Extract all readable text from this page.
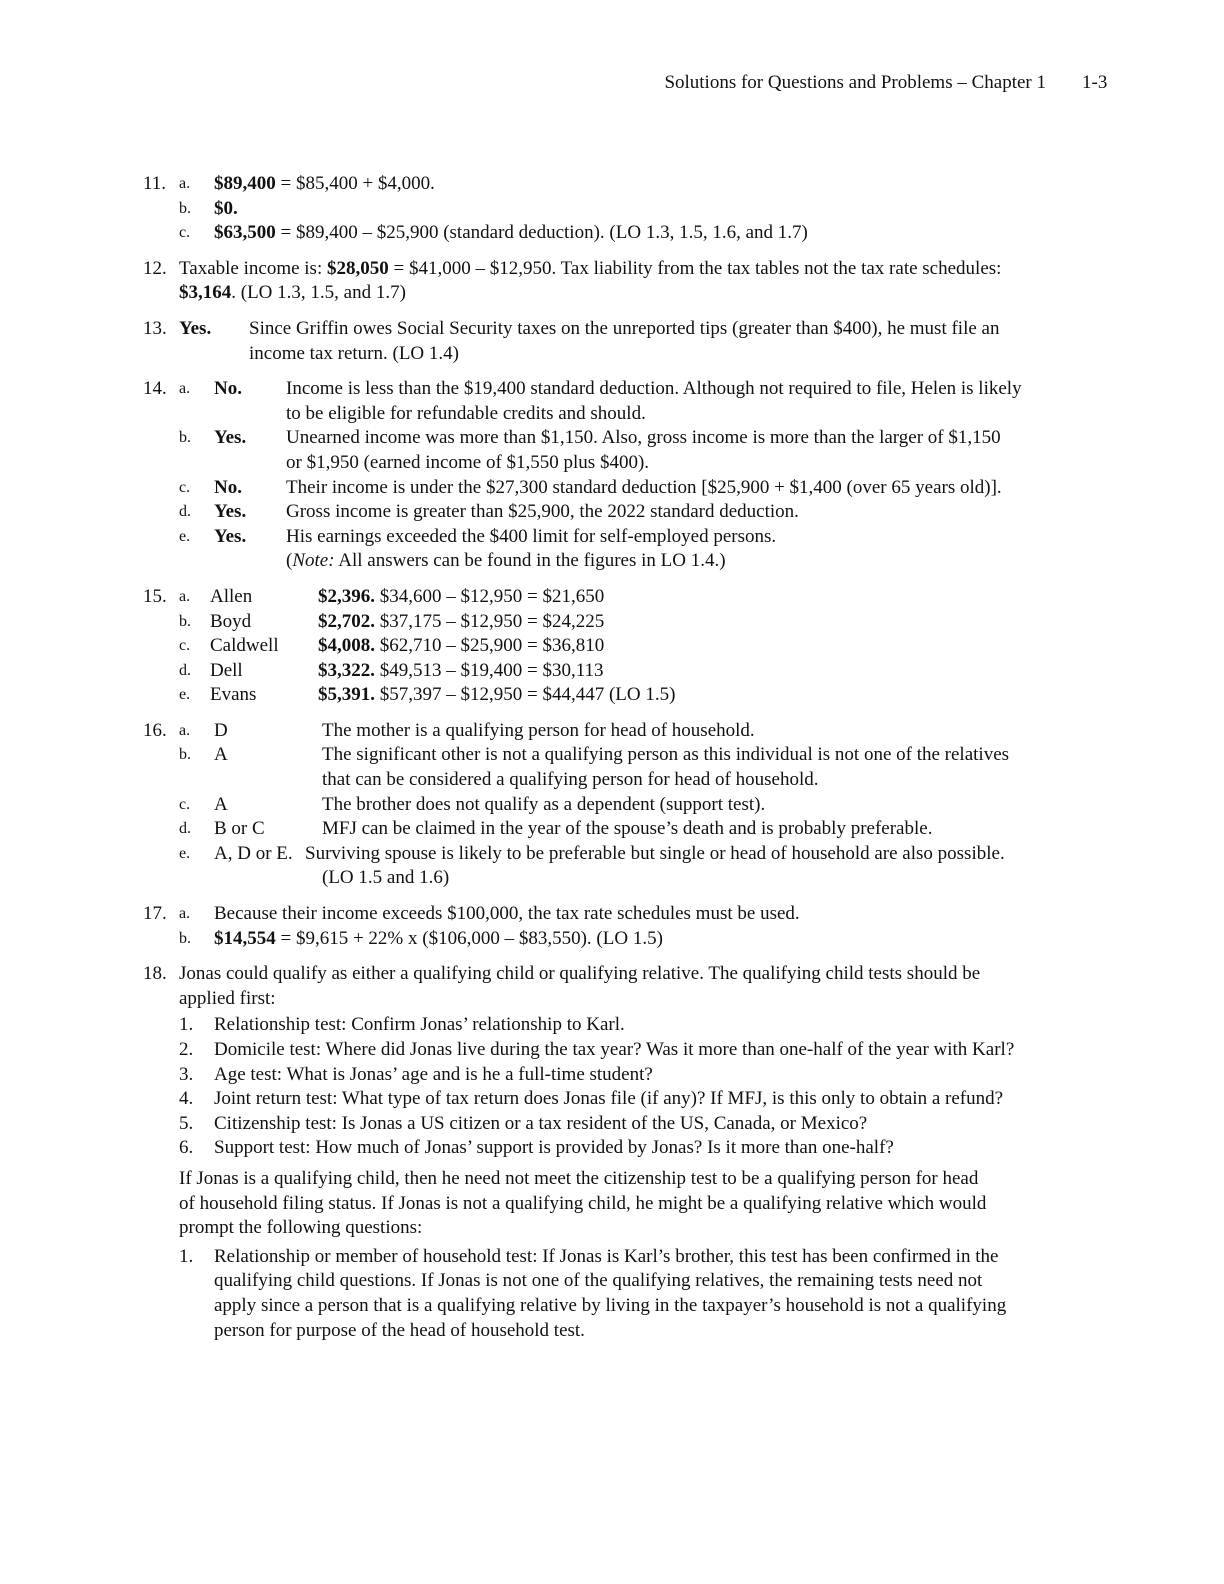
Solutions for Questions and Problems – Chapter 1 1-3
11. a. $89,400 = $85,400 + $4,000.
b. $0.
c. $63,500 = $89,400 – $25,900 (standard deduction). (LO 1.3, 1.5, 1.6, and 1.7)
12. Taxable income is: $28,050 = $41,000 – $12,950. Tax liability from the tax tables not the tax rate schedules:
$3,164. (LO 1.3, 1.5, and 1.7)
13. Yes. Since Griffin owes Social Security taxes on the unreported tips (greater than $400), he must file an
income tax return. (LO 1.4)
14. a. No. Income is less than the $19,400 standard deduction. Although not required to file, Helen is likely
to be eligible for refundable credits and should.
b. Yes. Unearned income was more than $1,150. Also, gross income is more than the larger of $1,150
or $1,950 (earned income of $1,550 plus $400).
c. No. Their income is under the $27,300 standard deduction [$25,900 + $1,400 (over 65 years old)].
d. Yes. Gross income is greater than $25,900, the 2022 standard deduction.
e. Yes. His earnings exceeded the $400 limit for self-employed persons.
(Note: All answers can be found in the figures in LO 1.4.)
15. a. Allen	$2,396. $34,600 – $12,950 = $21,650
b. Boyd	$2,702. $37,175 – $12,950 = $24,225
c. Caldwell $4,008. $62,710 – $25,900 = $36,810
d. Dell	$3,322. $49,513 – $19,400 = $30,113
e. Evans	$5,391. $57,397 – $12,950 = $44,447 (LO 1.5)
16. a. D	The mother is a qualifying person for head of household.
b. A	The significant other is not a qualifying person as this individual is not one of the relatives
that can be considered a qualifying person for head of household.
c. A	The brother does not qualify as a dependent (support test).
d. B or C	MFJ can be claimed in the year of the spouse’s death and is probably preferable.
e. A, D or E. Surviving spouse is likely to be preferable but single or head of household are also possible.
(LO 1.5 and 1.6)
17. a. Because their income exceeds $100,000, the tax rate schedules must be used.
b. $14,554 = $9,615 + 22% x ($106,000 – $83,550). (LO 1.5)
18. Jonas could qualify as either a qualifying child or qualifying relative. The qualifying child tests should be
applied first:
1. Relationship test: Confirm Jonas’ relationship to Karl.
2. Domicile test: Where did Jonas live during the tax year? Was it more than one-half of the year with Karl?
3. Age test: What is Jonas’ age and is he a full-time student?
4. Joint return test: What type of tax return does Jonas file (if any)? If MFJ, is this only to obtain a refund?
5. Citizenship test: Is Jonas a US citizen or a tax resident of the US, Canada, or Mexico?
6. Support test: How much of Jonas’ support is provided by Jonas? Is it more than one-half?
If Jonas is a qualifying child, then he need not meet the citizenship test to be a qualifying person for head
of household filing status. If Jonas is not a qualifying child, he might be a qualifying relative which would
prompt the following questions:
1. Relationship or member of household test: If Jonas is Karl’s brother, this test has been confirmed in the
qualifying child questions. If Jonas is not one of the qualifying relatives, the remaining tests need not
apply since a person that is a qualifying relative by living in the taxpayer’s household is not a qualifying
person for purpose of the head of household test.
